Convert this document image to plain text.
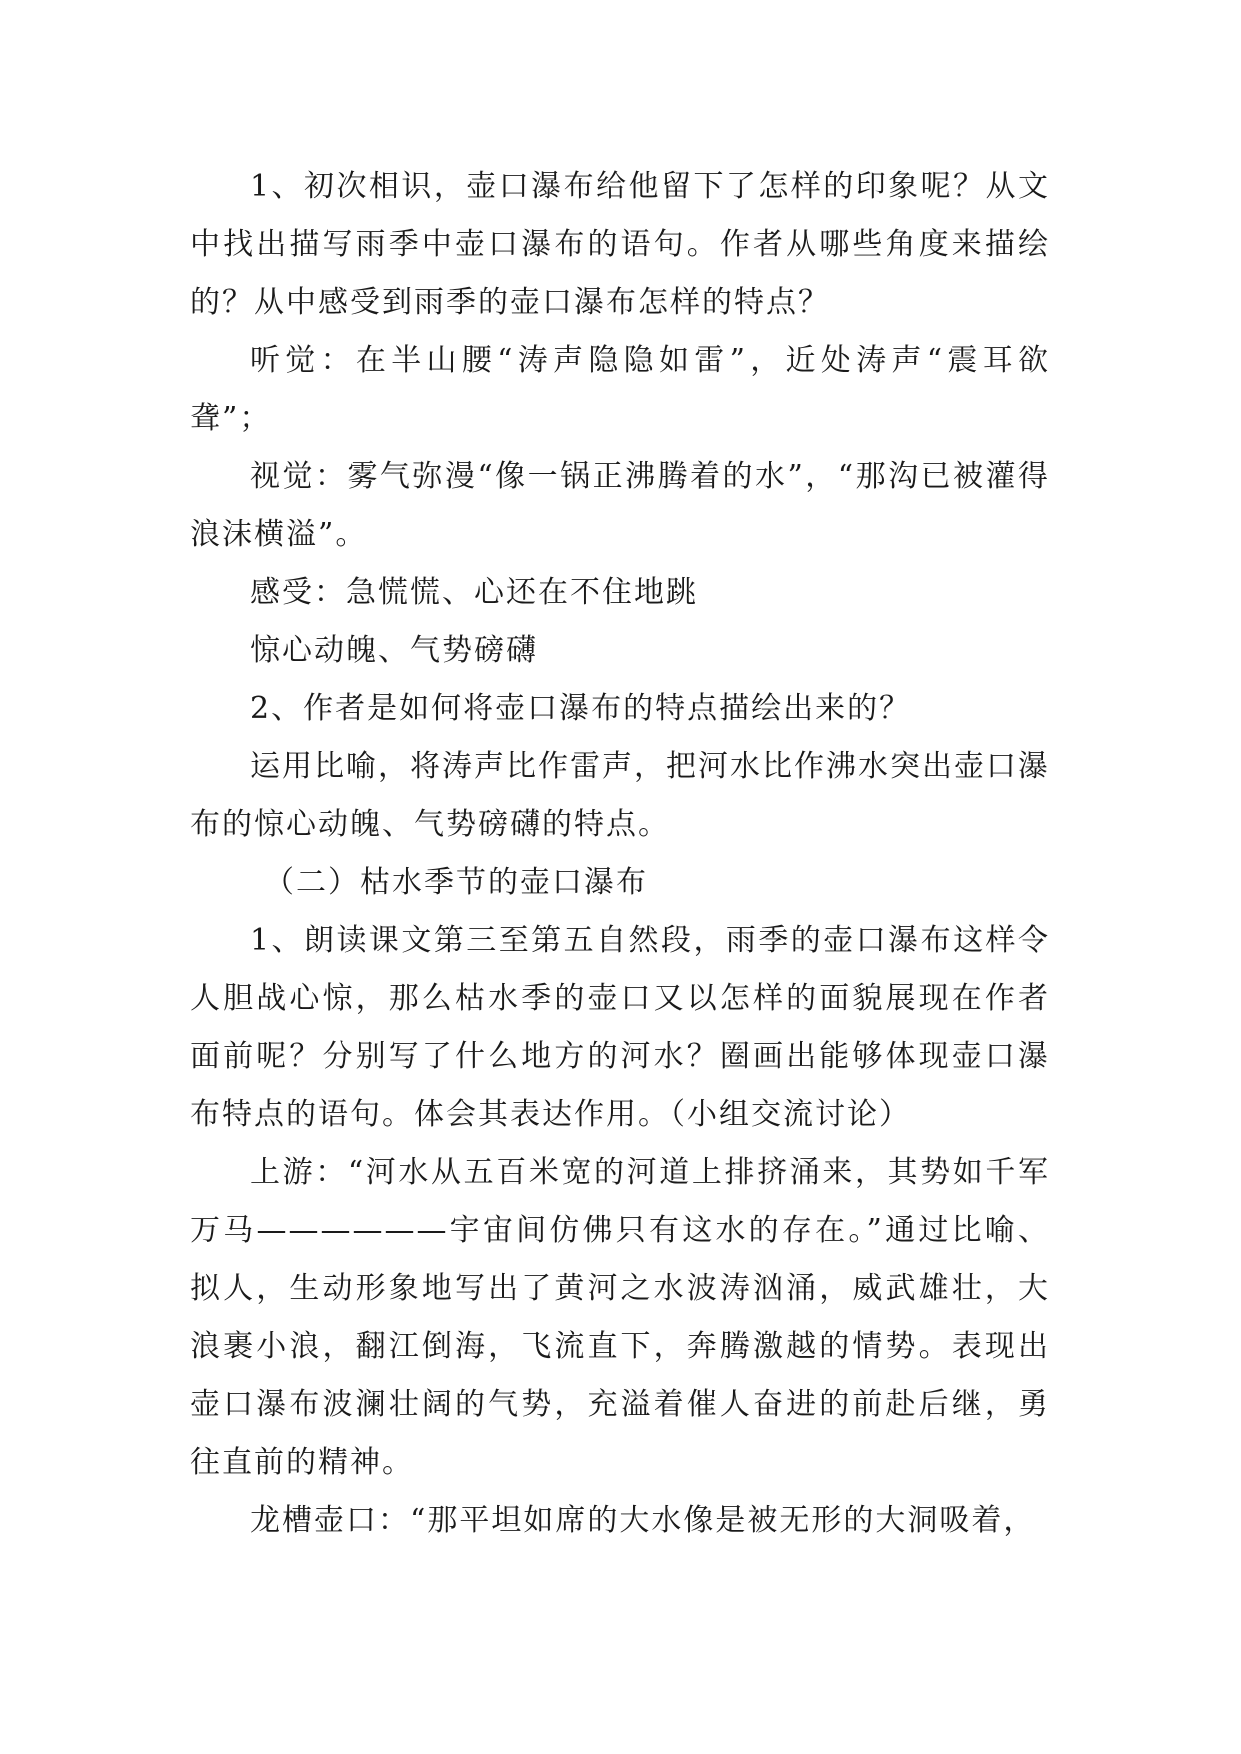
1、初次相识，壶口瀑布给他留下了怎样的印象呢？从文中找出描写雨季中壶口瀑布的语句。作者从哪些角度来描绘的？从中感受到雨季的壶口瀑布怎样的特点？

听觉：在半山腰“涛声隐隐如雷”，近处涛声“震耳欲聋”；

视觉：雾气弥漫“像一锅正沸腾着的水”，“那沟已被灌得浪沫横溢”。

感受：急慌慌、心还在不住地跳

惊心动魄、气势磅礴

2、作者是如何将壶口瀑布的特点描绘出来的？

运用比喻，将涛声比作雷声，把河水比作沸水突出壶口瀑布的惊心动魄、气势磅礴的特点。

（二）枯水季节的壶口瀑布

1、朗读课文第三至第五自然段，雨季的壶口瀑布这样令人胆战心惊，那么枯水季的壶口又以怎样的面貌展现在作者面前呢？分别写了什么地方的河水？圈画出能够体现壶口瀑布特点的语句。体会其表达作用。（小组交流讨论）

上游：“河水从五百米宽的河道上排挤涌来，其势如千军万马——————宇宙间仿佛只有这水的存在。”通过比喻、拟人，生动形象地写出了黄河之水波涛汹涌，威武雄壮，大浪裹小浪，翻江倒海，飞流直下，奔腾激越的情势。表现出壶口瀑布波澜壮阔的气势，充溢着催人奋进的前赴后继，勇往直前的精神。

龙槽壶口：“那平坦如席的大水像是被无形的大洞吸着，
